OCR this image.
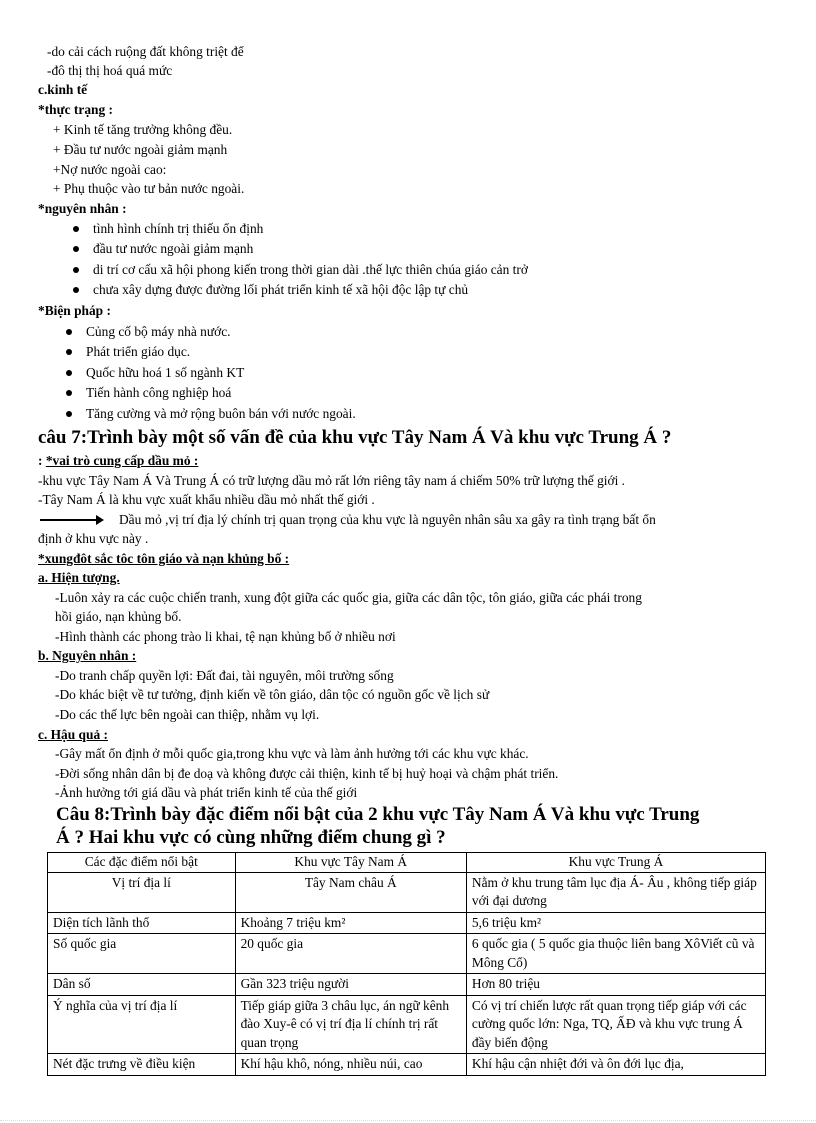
-do cải cách ruộng đất không triệt để
-đô thị thị hoá quá mức
c.kinh tế
*thực trạng :
+ Kinh tế tăng trưởng không đều.
+ Đầu tư nước ngoài giảm mạnh
+Nợ nước ngoài cao:
+ Phụ thuộc vào tư bản nước ngoài.
*nguyên nhân :
tình hình chính trị thiếu ổn định
đầu tư nước ngoài giảm mạnh
di trí cơ cấu xã hội phong kiến trong thời gian dài .thế lực thiên chúa giáo cản trở
chưa xây dựng được đường lối phát triển kinh tế xã hội độc lập tự chủ
*Biện pháp :
Củng cố bộ máy nhà nước.
Phát triển giáo dục.
Quốc hữu hoá 1 số ngành KT
Tiến hành công nghiệp hoá
Tăng cường và mở rộng buôn bán với nước ngoài.
câu 7:Trình bày một số vấn đề của khu vực Tây Nam Á Và khu vực Trung Á ?
: *vai trò cung cấp dầu mỏ :
-khu vực Tây Nam Á Và Trung Á có trữ lượng dầu mỏ rất lớn riêng tây nam á chiếm 50% trữ lượng thế giới .
-Tây Nam Á là khu vực xuất khẩu nhiều dầu mỏ nhất thế giới .
Dầu mỏ ,vị trí địa lý chính trị quan trọng của khu vực là nguyên nhân sâu xa gây ra tình trạng bất ổn
định ở khu vực này .
*xungđôt sắc tôc tôn giáo và nạn khủng bố :
a. Hiện tượng.
-Luôn xảy ra các cuộc chiến tranh, xung đột giữa các quốc gia, giữa các dân tộc, tôn giáo, giữa các phái trong
hồi giáo, nạn khủng bố.
-Hình thành các phong trào li khai, tệ nạn khủng bố ở nhiều nơi
b. Nguyên nhân :
-Do tranh chấp quyền lợi: Đất đai, tài nguyên, môi trường sống
-Do khác biệt về tư tưởng, định kiến về tôn giáo, dân tộc có nguồn gốc về lịch sử
-Do các thế lực bên ngoài can thiệp, nhằm vụ lợi.
c. Hậu quả :
-Gây mất ổn định ở mỗi quốc gia,trong khu vực và làm ảnh hưởng tới các khu vực khác.
-Đời sống nhân dân bị đe doạ và không được cải thiện, kinh tế bị huỷ hoại và chậm phát triển.
-Ảnh hưởng tới giá dầu và phát triển kinh tế của thế giới
Câu 8:Trình bày đặc điểm nổi bật của 2 khu vực Tây Nam Á Và khu vực Trung
Á ? Hai khu vực có cùng những điểm chung gì ?
Các đặc điểm nổi bật	Khu vực Tây Nam Á	Khu vực Trung Á
Vị trí địa lí	Tây Nam châu Á	Nằm ở khu trung tâm lục địa Á- Âu , không tiếp giáp với đại dương
Diện tích lãnh thổ	Khoảng 7 triệu km²	5,6 triệu km²
Số quốc gia	20 quốc gia	6 quốc gia ( 5 quốc gia thuộc liên bang XôViết cũ và Mông Cổ)
Dân số	Gần 323 triệu người	Hơn 80 triệu
Ý nghĩa của vị trí địa lí	Tiếp giáp giữa 3 châu lục, án ngữ kênh đào Xuy-ê có vị trí địa lí chính trị rất quan trọng	Có vị trí chiến lược rất quan trọng tiếp giáp với các cường quốc lớn: Nga, TQ, ẤĐ và khu vực trung Á đầy biến động
Nét đặc trưng về điều kiện	Khí hậu khô, nóng, nhiều núi, cao	Khí hậu cận nhiệt đới và ôn đới lục địa,
